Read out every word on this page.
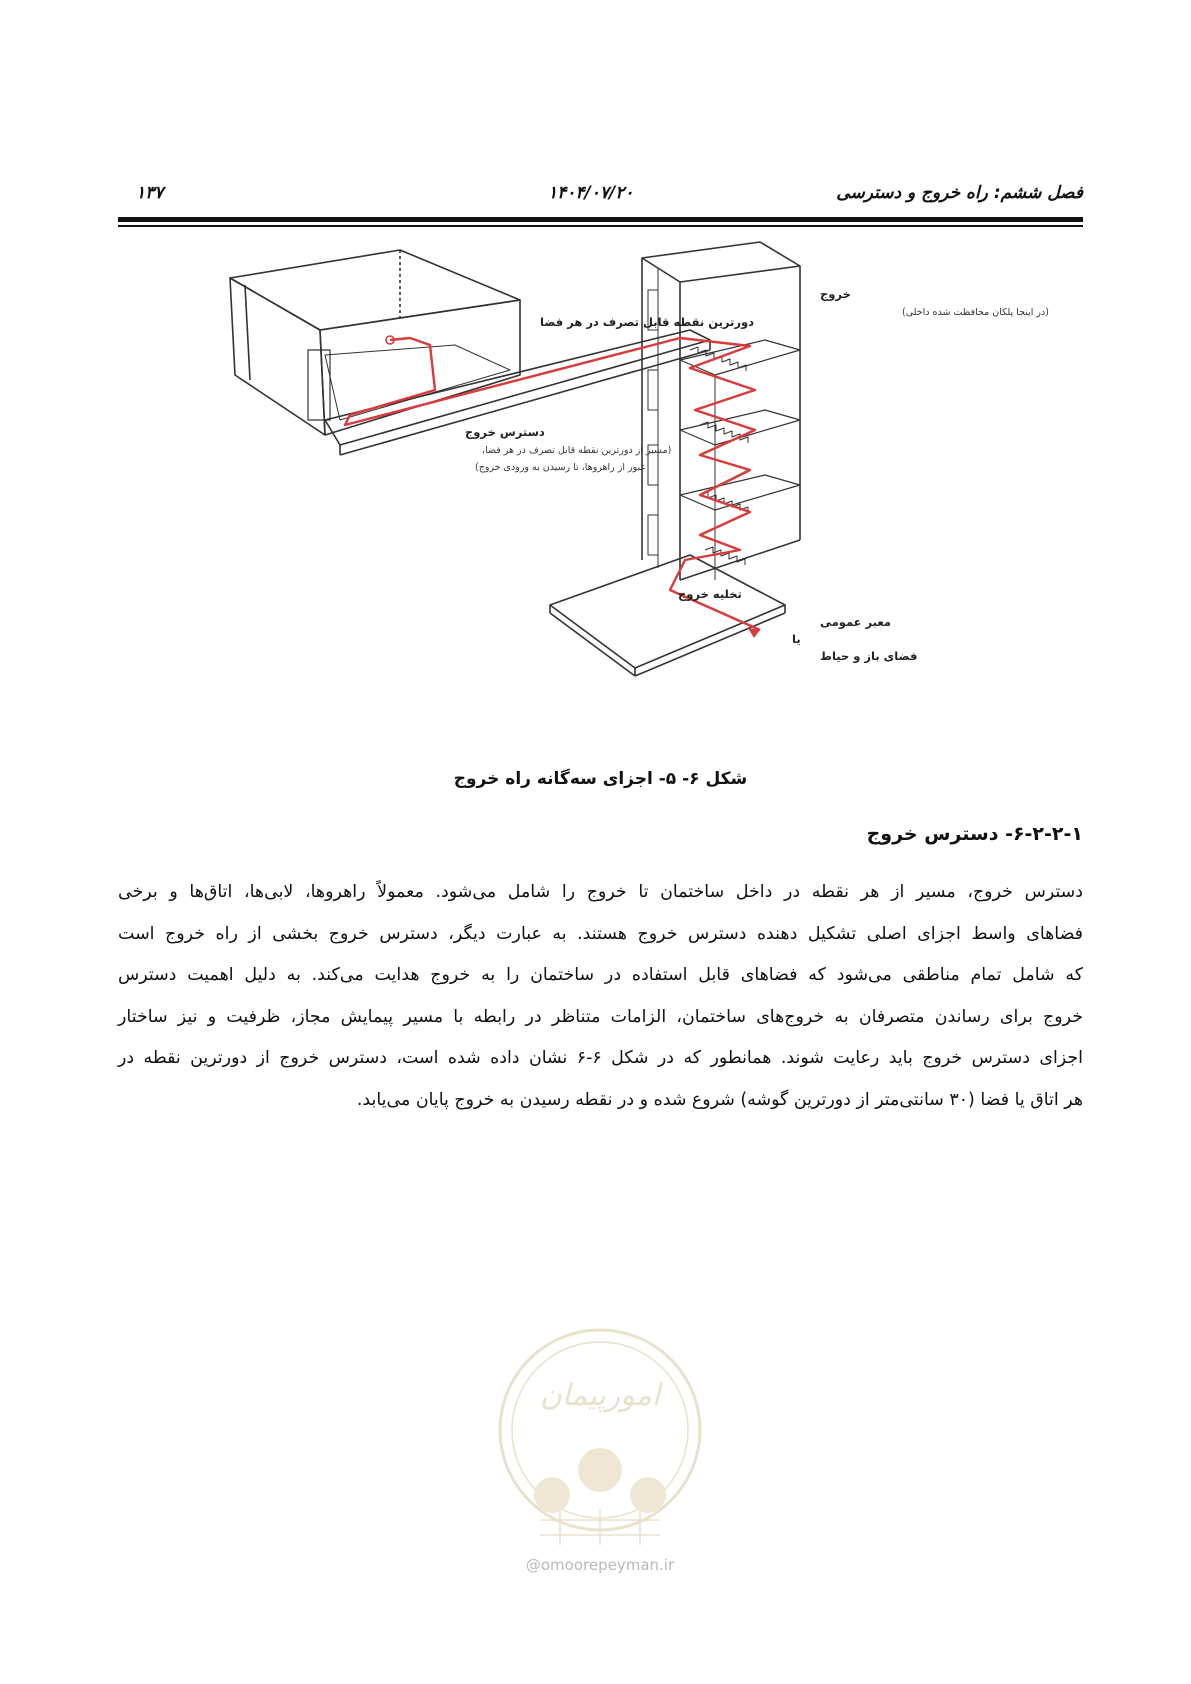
فصل ششم: راه خروج و دسترسی
۱۴۰۴/۰۷/۲۰
۱۳۷
دورترین نقطه قابل تصرف در هر فضا
خروج
(در اینجا پلکان محافظت شده داخلی)
دسترس خروج
(مسیر از دورترین نقطه قابل تصرف در هر فضا،
عبور از راهروها، تا رسیدن به ورودی خروج)
تخلیه خروج
معبر عمومی
یا
فضای باز و حیاط
شکل ۶- ۵- اجزای سه‌گانه راه خروج
۶-۲-۲-۱- دسترس خروج
دسترس خروج، مسیر از هر نقطه در داخل ساختمان تا خروج را شامل می‌شود. معمولاً راهروها، لابی‌ها، اتاق‌ها و برخی
فضاهای واسط اجزای اصلی تشکیل دهنده دسترس خروج هستند. به عبارت دیگر، دسترس خروج بخشی از راه خروج است
که شامل تمام مناطقی می‌شود که فضاهای قابل استفاده در ساختمان را به خروج هدایت می‌کند. به دلیل اهمیت دسترس
خروج برای رساندن متصرفان به خروج‌های ساختمان، الزامات متناظر در رابطه با مسیر پیمایش مجاز، ظرفیت و نیز ساختار
اجزای دسترس خروج باید رعایت شوند. همانطور که در شکل ۶-۶ نشان داده شده است، دسترس خروج از دورترین نقطه در
هر اتاق یا فضا (۳۰ سانتی‌متر از دورترین گوشه) شروع شده و در نقطه رسیدن به خروج پایان می‌یابد.
امورپیمان
@omoorepeyman.ir
